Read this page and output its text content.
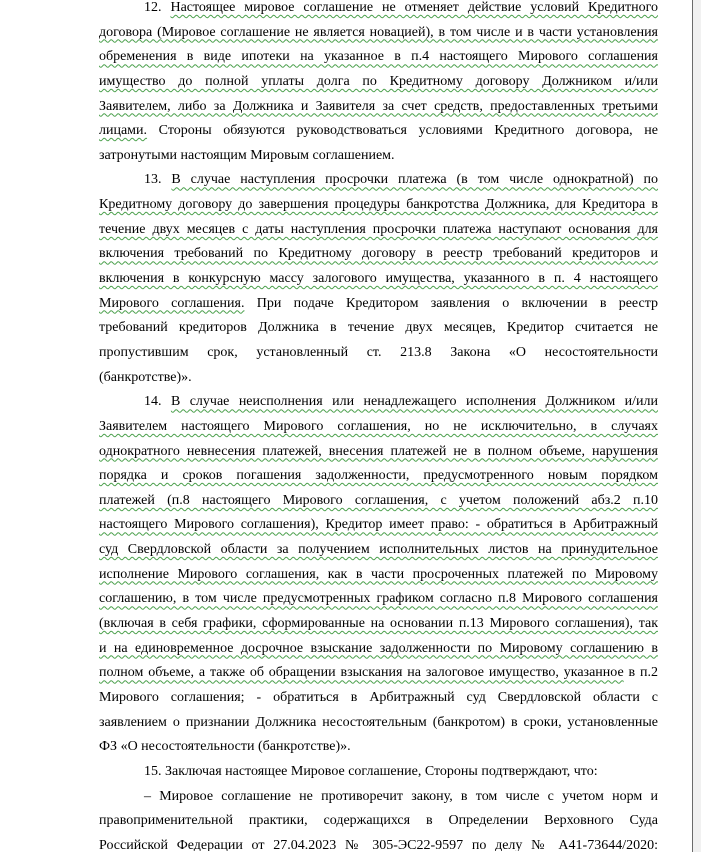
12. Настоящее мировое соглашение не отменяет действие условий Кредитного
договора (Мировое соглашение не является новацией), в том числе и в части установления
обременения в виде ипотеки на указанное в п.4 настоящего Мирового соглашения
имущество до полной уплаты долга по Кредитному договору Должником и/или
Заявителем, либо за Должника и Заявителя за счет средств, предоставленных третьими
лицами. Стороны обязуются руководствоваться условиями Кредитного договора, не
затронутыми настоящим Мировым соглашением.
13. В случае наступления просрочки платежа (в том числе однократной) по
Кредитному договору до завершения процедуры банкротства Должника, для Кредитора в
течение двух месяцев с даты наступления просрочки платежа наступают основания для
включения требований по Кредитному договору в реестр требований кредиторов и
включения в конкурсную массу залогового имущества, указанного в п. 4 настоящего
Мирового соглашения. При подаче Кредитором заявления о включении в реестр
требований кредиторов Должника в течение двух месяцев, Кредитор считается не
пропустившим срок, установленный ст. 213.8 Закона «О несостоятельности
(банкротстве)».
14. В случае неисполнения или ненадлежащего исполнения Должником и/или
Заявителем настоящего Мирового соглашения, но не исключительно, в случаях
однократного невнесения платежей, внесения платежей не в полном объеме, нарушения
порядка и сроков погашения задолженности, предусмотренного новым порядком
платежей (п.8 настоящего Мирового соглашения, с учетом положений абз.2 п.10
настоящего Мирового соглашения), Кредитор имеет право: - обратиться в Арбитражный
суд Свердловской области за получением исполнительных листов на принудительное
исполнение Мирового соглашения, как в части просроченных платежей по Мировому
соглашению, в том числе предусмотренных графиком согласно п.8 Мирового соглашения
(включая в себя графики, сформированные на основании п.13 Мирового соглашения), так
и на единовременное досрочное взыскание задолженности по Мировому соглашению в
полном объеме, а также об обращении взыскания на залоговое имущество, указанное в п.2
Мирового соглашения; - обратиться в Арбитражный суд Свердловской области с
заявлением о признании Должника несостоятельным (банкротом) в сроки, установленные
ФЗ «О несостоятельности (банкротстве)».
15. Заключая настоящее Мировое соглашение, Стороны подтверждают, что:
– Мировое соглашение не противоречит закону, в том числе с учетом норм и
правоприменительной практики, содержащихся в Определении Верховного Суда
Российской Федерации от 27.04.2023 № 305-ЭС22-9597 по делу № А41-73644/2020:
